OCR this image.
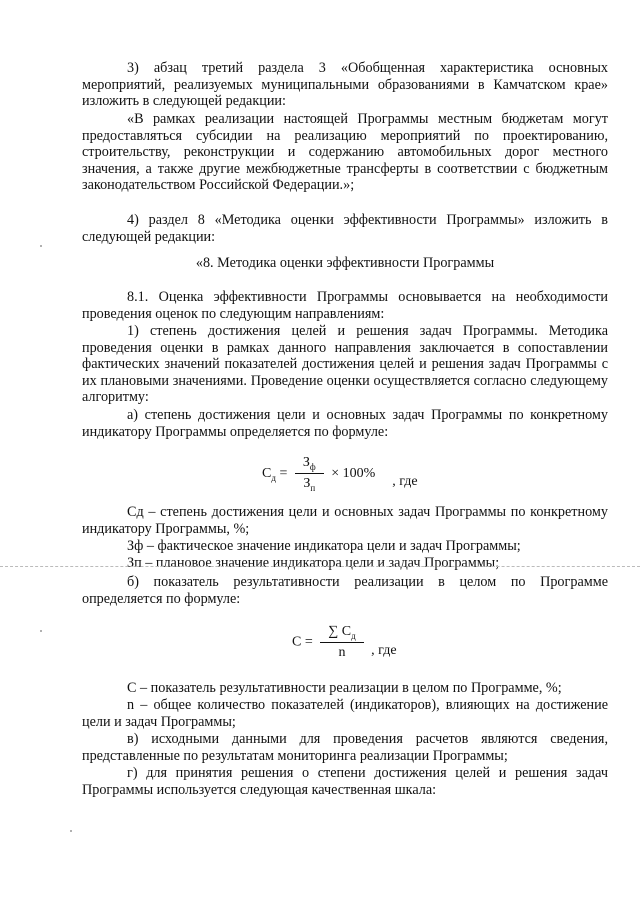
3) абзац третий раздела 3 «Обобщенная характеристика основных мероприятий, реализуемых муниципальными образованиями в Камчатском крае» изложить в следующей редакции:

«В рамках реализации настоящей Программы местным бюджетам могут предоставляться субсидии на реализацию мероприятий по проектированию, строительству, реконструкции и содержанию автомобильных дорог местного значения, а также другие межбюджетные трансферты в соответствии с бюджетным законодательством Российской Федерации.»;

4) раздел 8 «Методика оценки эффективности Программы» изложить в следующей редакции:

«8. Методика оценки эффективности Программы

8.1. Оценка эффективности Программы основывается на необходимости проведения оценок по следующим направлениям:

1) степень достижения целей и решения задач Программы. Методика проведения оценки в рамках данного направления заключается в сопоставлении фактических значений показателей достижения целей и решения задач Программы с их плановыми значениями. Проведение оценки осуществляется согласно следующему алгоритму:

а) степень достижения цели и основных задач Программы по конкретному индикатору Программы определяется по формуле:

$С_д = \frac{З_ф}{З_п} \times 100\%$  , где

Сд – степень достижения цели и основных задач Программы по конкретному индикатору Программы, %;

Зф – фактическое значение индикатора цели и задач Программы;

Зп – плановое значение индикатора цели и задач Программы;

б) показатель результативности реализации в целом по Программе определяется по формуле:

$С = \frac{\sum С_д}{n}$ , где

С – показатель результативности реализации в целом по Программе, %;

n – общее количество показателей (индикаторов), влияющих на достижение цели и задач Программы;

в) исходными данными для проведения расчетов являются сведения, представленные по результатам мониторинга реализации Программы;

г) для принятия решения о степени достижения целей и решения задач Программы используется следующая качественная шкала:
